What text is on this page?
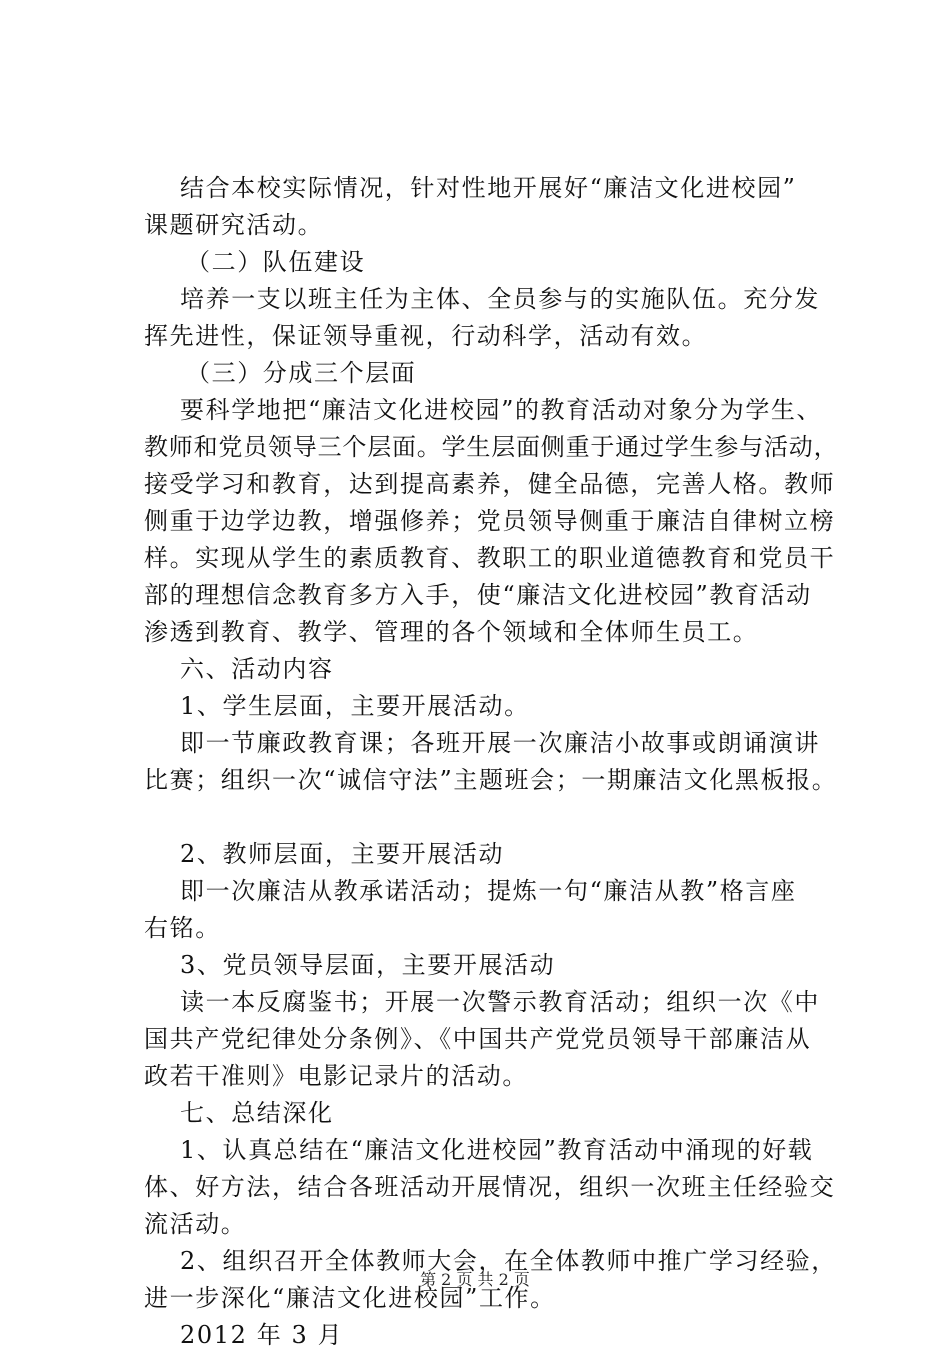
结合本校实际情况，针对性地开展好“廉洁文化进校园”
课题研究活动。
（二）队伍建设
培养一支以班主任为主体、全员参与的实施队伍。充分发
挥先进性，保证领导重视，行动科学，活动有效。
（三）分成三个层面
要科学地把“廉洁文化进校园”的教育活动对象分为学生、
教师和党员领导三个层面。学生层面侧重于通过学生参与活动，
接受学习和教育，达到提高素养，健全品德，完善人格。教师
侧重于边学边教，增强修养；党员领导侧重于廉洁自律树立榜
样。实现从学生的素质教育、教职工的职业道德教育和党员干
部的理想信念教育多方入手，使“廉洁文化进校园”教育活动
渗透到教育、教学、管理的各个领域和全体师生员工。
六、活动内容
1、学生层面，主要开展活动。
即一节廉政教育课；各班开展一次廉洁小故事或朗诵演讲
比赛；组织一次“诚信守法”主题班会；一期廉洁文化黑板报。
2、教师层面，主要开展活动
即一次廉洁从教承诺活动；提炼一句“廉洁从教”格言座
右铭。
3、党员领导层面，主要开展活动
读一本反腐鉴书；开展一次警示教育活动；组织一次《中
国共产党纪律处分条例》、《中国共产党党员领导干部廉洁从
政若干准则》电影记录片的活动。
七、总结深化
1、认真总结在“廉洁文化进校园”教育活动中涌现的好载
体、好方法，结合各班活动开展情况，组织一次班主任经验交
流活动。
2、组织召开全体教师大会，在全体教师中推广学习经验，
进一步深化“廉洁文化进校园”工作。
2012 年 3 月
第 2 页 共 2 页
